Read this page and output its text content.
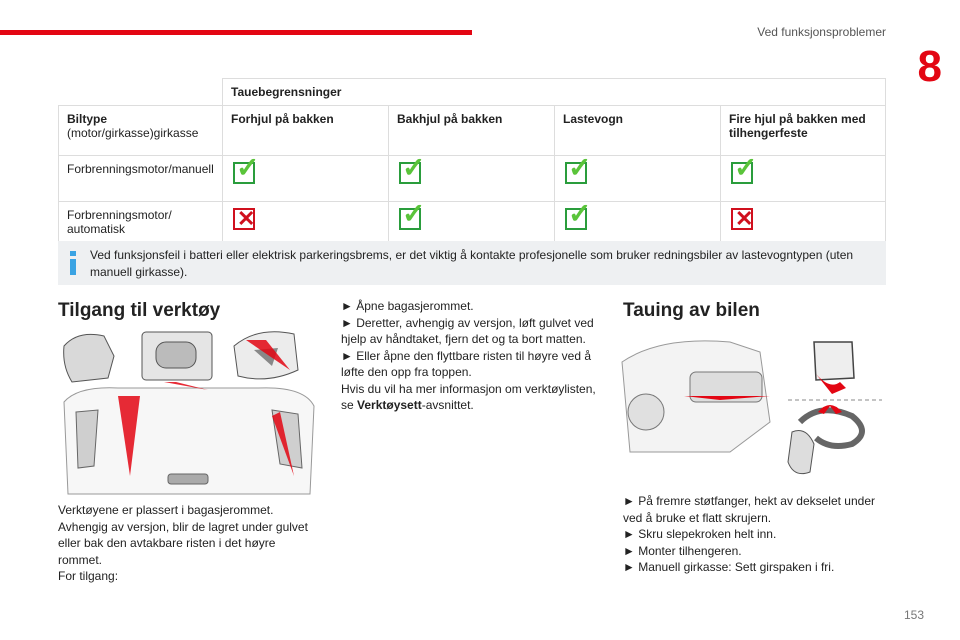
Ved funksjonsproblemer
8
	Tauebegrensninger			
Biltype
(motor/girkasse)girkasse	Forhjul på bakken	Bakhjul på bakken	Lastevogn	Fire hjul på bakken med tilhengerfeste
Forbrenningsmotor/manuell	✓	✓	✓	✓

Forbrenningsmotor/
automatisk	✕	✓	✓	✕
Ved funksjonsfeil i batteri eller elektrisk parkeringsbrems, er det viktig å kontakte profesjonelle som bruker redningsbiler av lastevogntypen (uten manuell girkasse).
Tilgang til verktøy
Verktøyene er plassert i bagasjerommet.
Avhengig av versjon, blir de lagret under gulvet eller bak den avtakbare risten i det høyre rommet.
For tilgang:
► Åpne bagasjerommet.
► Deretter, avhengig av versjon, løft gulvet ved hjelp av håndtaket, fjern det og ta bort matten.
► Eller åpne den flyttbare risten til høyre ved å løfte den opp fra toppen.
Hvis du vil ha mer informasjon om verktøylisten, se Verktøysett-avsnittet.
Tauing av bilen
► På fremre støtfanger, hekt av dekselet under ved å bruke et flatt skrujern.
► Skru slepekroken helt inn.
► Monter tilhengeren.
► Manuell girkasse: Sett girspaken i fri.
153
